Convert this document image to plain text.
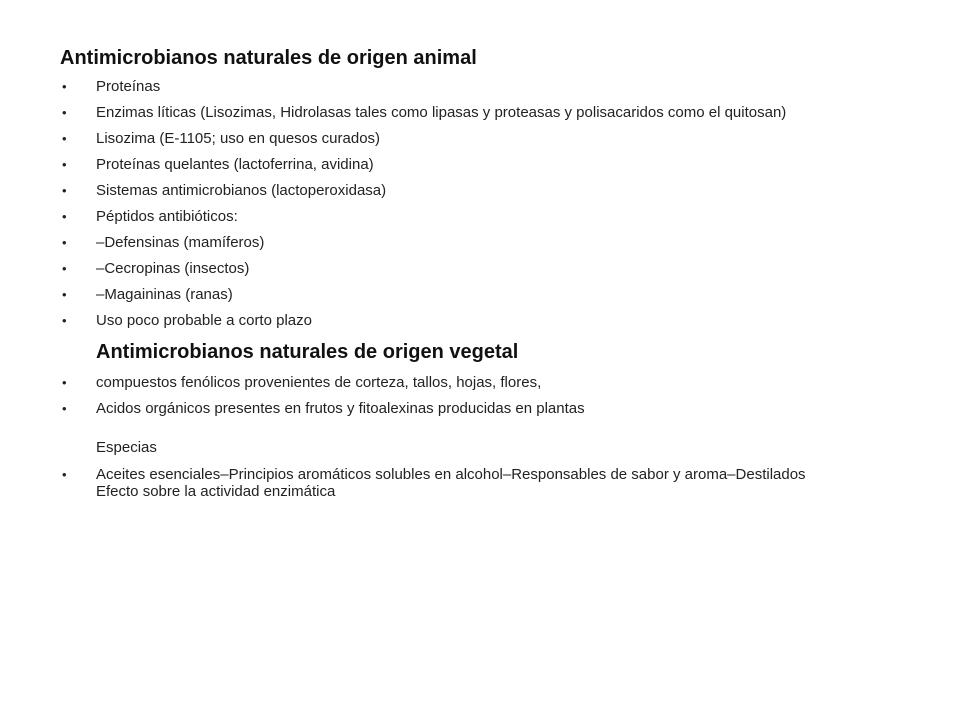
Antimicrobianos naturales de origen animal
• Proteínas
• Enzimas líticas (Lisozimas, Hidrolasas tales como lipasas y proteasas y polisacaridos como el quitosan)
• Lisozima (E-1105; uso en quesos curados)
• Proteínas quelantes (lactoferrina, avidina)
• Sistemas antimicrobianos (lactoperoxidasa)
• Péptidos antibióticos:
• –Defensinas (mamíferos)
• –Cecropinas (insectos)
• –Magaininas (ranas)
• Uso poco probable a corto plazo
Antimicrobianos naturales de origen vegetal
• compuestos fenólicos provenientes de corteza, tallos, hojas, flores,
• Acidos orgánicos presentes en frutos y fitoalexinas producidas en plantas
Especias
• Aceites esenciales–Principios aromáticos solubles en alcohol–Responsables de sabor y aroma–Destilados Efecto sobre la actividad enzimática
